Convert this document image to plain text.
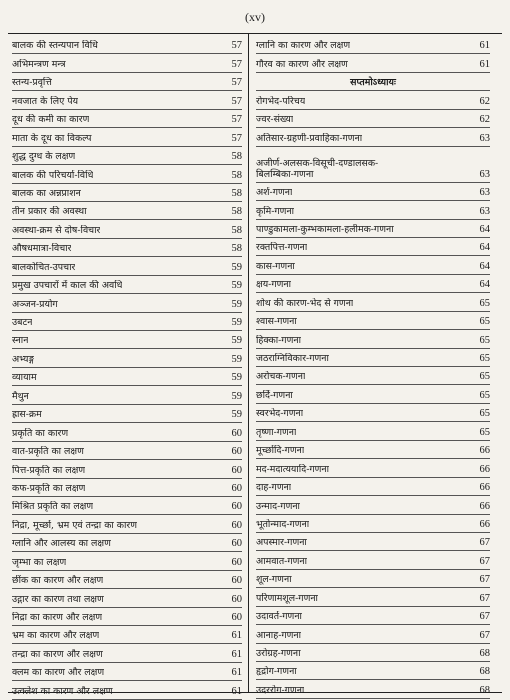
(xv)
बालक की स्तन्यपान विधि	57
अभिमन्त्रण मन्त्र	57
स्तन्य-प्रवृत्ति	57
नवजात के लिए पेय	57
दूध की कमी का कारण	57
माता के दूध का विकल्प	57
शुद्ध दुग्ध के लक्षण	58
बालक की परिचर्या-विधि	58
बालक का अन्नप्राशन	58
तीन प्रकार की अवस्था	58
अवस्था-क्रम से दोष-विचार	58
औषधमात्रा-विचार	58
बालकोचित-उपचार	59
प्रमुख उपचारों में काल की अवधि	59
अञ्जन-प्रयोग	59
उबटन	59
स्नान	59
अभ्यङ्ग	59
व्यायाम	59
मैथुन	59
ह्रास-क्रम	59
प्रकृति का कारण	60
वात-प्रकृति का लक्षण	60
पित्त-प्रकृति का लक्षण	60
कफ-प्रकृति का लक्षण	60
मिश्रित प्रकृति का लक्षण	60
निद्रा, मूर्च्छा, भ्रम एवं तन्द्रा का कारण	60
ग्लानि और आलस्य का लक्षण	60
जृम्भा का लक्षण	60
छींक का कारण और लक्षण	60
उद्गार का कारण तथा लक्षण	60
निद्रा का कारण और लक्षण	60
भ्रम का कारण और लक्षण	61
तन्द्रा का कारण और लक्षण	61
क्लम का कारण और लक्षण	61
उत्क्लेश का कारण और लक्षण	61
ग्लानि का कारण और लक्षण	61
गौरव का कारण और लक्षण	61
सप्तमोऽध्यायः
रोगभेद-परिचय	62
ज्वर-संख्या	62
अतिसार-ग्रहणी-प्रवाहिका-गणना	63
अजीर्ण-अलसक-विसूची-दण्डालसक-
बिलम्बिका-गणना	63
अर्श-गणना	63
कृमि-गणना	63
पाण्डुकामला-कुम्भकामला-हलीमक-गणना	64
रक्तपित्त-गणना	64
कास-गणना	64
क्षय-गणना	64
शोथ की कारण-भेद से गणना	65
श्वास-गणना	65
हिक्का-गणना	65
जठराग्निविकार-गणना	65
अरोचक-गणना	65
छर्दि-गणना	65
स्वरभेद-गणना	65
तृष्णा-गणना	65
मूर्च्छादि-गणना	66
मद-मदात्ययादि-गणना	66
दाह-गणना	66
उन्माद-गणना	66
भूतोन्माद-गणना	66
अपस्मार-गणना	67
आमवात-गणना	67
शूल-गणना	67
परिणामशूल-गणना	67
उदावर्त-गणना	67
आनाह-गणना	67
उरोग्रह-गणना	68
हृद्रोग-गणना	68
उदररोग-गणना	68
